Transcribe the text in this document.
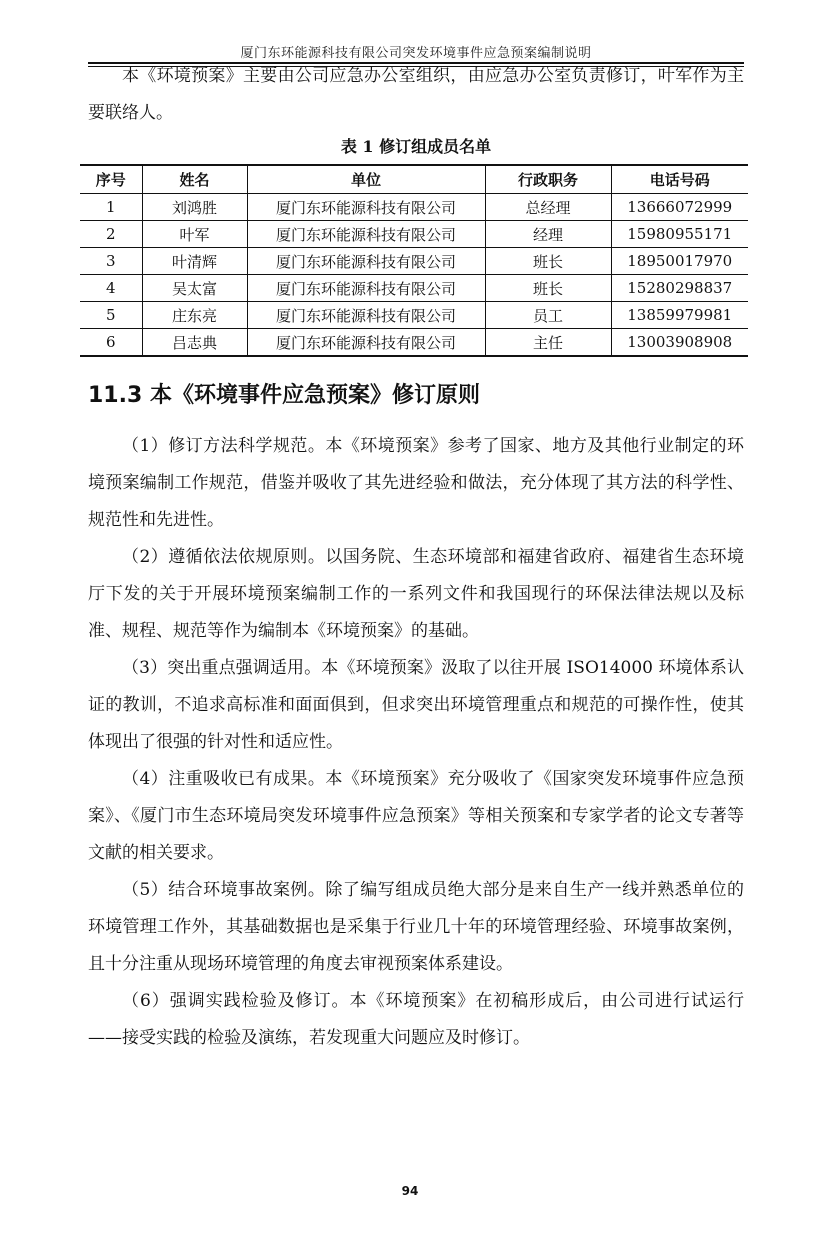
厦门东环能源科技有限公司突发环境事件应急预案编制说明

本《环境预案》主要由公司应急办公室组织，由应急办公室负责修订，叶军作为主要联络人。

表 1 修订组成员名单
序号	姓名	单位	行政职务	电话号码
1	刘鸿胜	厦门东环能源科技有限公司	总经理	13666072999
2	叶军	厦门东环能源科技有限公司	经理	15980955171
3	叶清辉	厦门东环能源科技有限公司	班长	18950017970
4	吴太富	厦门东环能源科技有限公司	班长	15280298837
5	庄东亮	厦门东环能源科技有限公司	员工	13859979981
6	吕志典	厦门东环能源科技有限公司	主任	13003908908
11.3 本《环境事件应急预案》修订原则

（1）修订方法科学规范。本《环境预案》参考了国家、地方及其他行业制定的环境预案编制工作规范，借鉴并吸收了其先进经验和做法，充分体现了其方法的科学性、规范性和先进性。

（2）遵循依法依规原则。以国务院、生态环境部和福建省政府、福建省生态环境厅下发的关于开展环境预案编制工作的一系列文件和我国现行的环保法律法规以及标准、规程、规范等作为编制本《环境预案》的基础。

（3）突出重点强调适用。本《环境预案》汲取了以往开展 ISO14000 环境体系认证的教训，不追求高标准和面面俱到，但求突出环境管理重点和规范的可操作性，使其体现出了很强的针对性和适应性。

（4）注重吸收已有成果。本《环境预案》充分吸收了《国家突发环境事件应急预案》、《厦门市生态环境局突发环境事件应急预案》等相关预案和专家学者的论文专著等文献的相关要求。

（5）结合环境事故案例。除了编写组成员绝大部分是来自生产一线并熟悉单位的环境管理工作外，其基础数据也是采集于行业几十年的环境管理经验、环境事故案例，且十分注重从现场环境管理的角度去审视预案体系建设。

（6）强调实践检验及修订。本《环境预案》在初稿形成后，由公司进行试运行——接受实践的检验及演练，若发现重大问题应及时修订。

94
